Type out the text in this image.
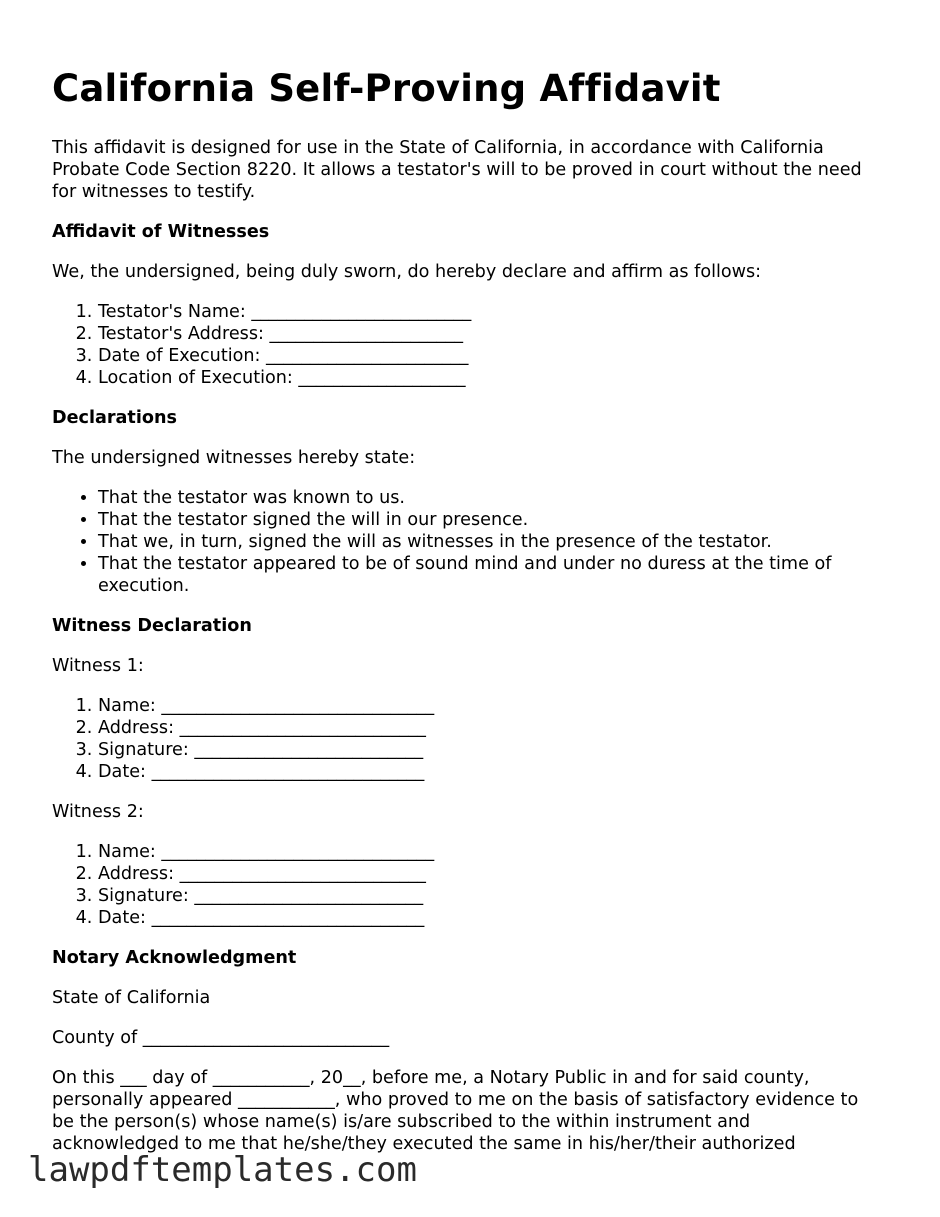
California Self-Proving Affidavit

This affidavit is designed for use in the State of California, in accordance with California Probate Code Section 8220. It allows a testator's will to be proved in court without the need for witnesses to testify.

Affidavit of Witnesses

We, the undersigned, being duly sworn, do hereby declare and affirm as follows:

1. Testator's Name: _________________________
2. Testator's Address: ______________________
3. Date of Execution: _______________________
4. Location of Execution: ___________________
Declarations

The undersigned witnesses hereby state:

• That the testator was known to us.
• That the testator signed the will in our presence.
• That we, in turn, signed the will as witnesses in the presence of the testator.
• That the testator appeared to be of sound mind and under no duress at the time of execution.
Witness Declaration

Witness 1:

1. Name: _______________________________
2. Address: ____________________________
3. Signature: __________________________
4. Date: _______________________________

Witness 2:

1. Name: _______________________________
2. Address: ____________________________
3. Signature: __________________________
4. Date: _______________________________
Notary Acknowledgment

State of California

County of ____________________________

On this ___ day of ___________, 20__, before me, a Notary Public in and for said county, personally appeared ___________, who proved to me on the basis of satisfactory evidence to be the person(s) whose name(s) is/are subscribed to the within instrument and acknowledged to me that he/she/they executed the same in his/her/their authorized

lawpdftemplates.com
